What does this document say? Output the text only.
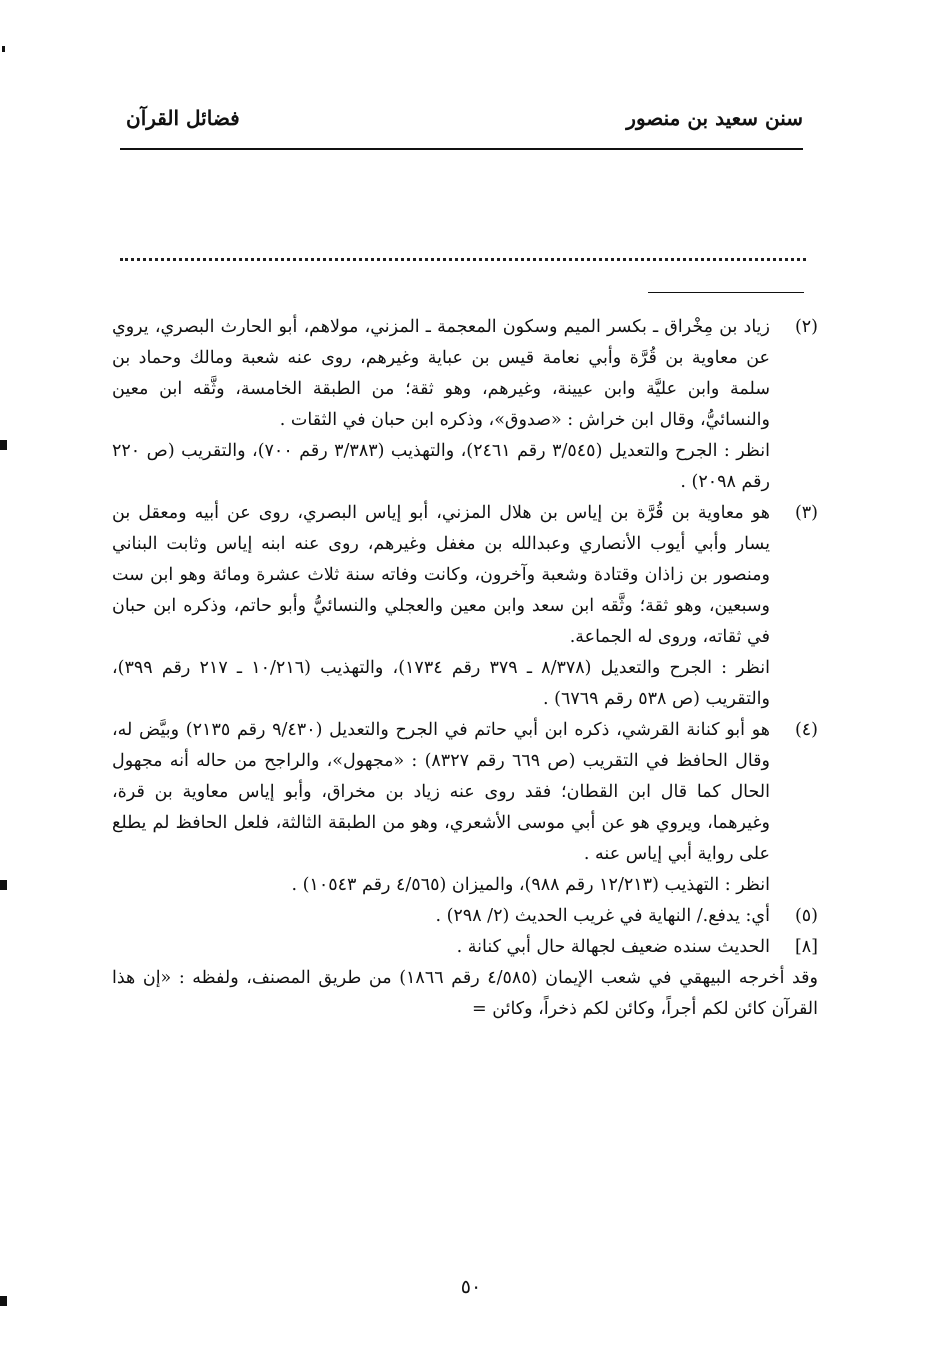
سنن سعيد بن منصور
فضائل القرآن
(٢)

زياد بن مِخْراق ـ بكسر الميم وسكون المعجمة ـ المزني، مولاهم، أبو الحارث البصري، يروي عن معاوية بن قُرَّة وأبي نعامة قيس بن عباية وغيرهم، روى عنه شعبة ومالك وحماد بن سلمة وابن عليَّة وابن عيينة، وغيرهم، وهو ثقة؛ من الطبقة الخامسة، وثَّقه ابن معين والنسائيُّ، وقال ابن خراش : «صدوق»، وذكره ابن حبان في الثقات .

انظر : الجرح والتعديل (٣/٥٤٥ رقم ٢٤٦١)، والتهذيب (٣/٣٨٣ رقم ٧٠٠)، والتقريب (ص ٢٢٠ رقم ٢٠٩٨) .

(٣)

هو معاوية بن قُرَّة بن إياس بن هلال المزني، أبو إياس البصري، روى عن أبيه ومعقل بن يسار وأبي أيوب الأنصاري وعبدالله بن مغفل وغيرهم، روى عنه ابنه إياس وثابت البناني ومنصور بن زاذان وقتادة وشعبة وآخرون، وكانت وفاته سنة ثلاث عشرة ومائة وهو ابن ست وسبعين، وهو ثقة؛ وثَّقه ابن سعد وابن معين والعجلي والنسائيُّ وأبو حاتم، وذكره ابن حبان في ثقاته، وروى له الجماعة.

انظر : الجرح والتعديل (٨/٣٧٨ ـ ٣٧٩ رقم ١٧٣٤)، والتهذيب (١٠/٢١٦ ـ ٢١٧ رقم ٣٩٩)، والتقريب (ص ٥٣٨ رقم ٦٧٦٩) .

(٤)

هو أبو كنانة القرشي، ذكره ابن أبي حاتم في الجرح والتعديل (٩/٤٣٠ رقم ٢١٣٥) وبيَّض له، وقال الحافظ في التقريب (ص ٦٦٩ رقم ٨٣٢٧) : «مجهول»، والراجح من حاله أنه مجهول الحال كما قال ابن القطان؛ فقد روى عنه زياد بن مخراق، وأبو إياس معاوية بن قرة، وغيرهما، ويروي هو عن أبي موسى الأشعري، وهو من الطبقة الثالثة، فلعل الحافظ لم يطلع على رواية أبي إياس عنه .

انظر : التهذيب (١٢/٢١٣ رقم ٩٨٨)، والميزان (٤/٥٦٥ رقم ١٠٥٤٣) .

(٥)

أي: يدفع./ النهاية في غريب الحديث (٢/ ٢٩٨) .

[٨]

الحديث سنده ضعيف لجهالة حال أبي كنانة .

وقد أخرجه البيهقي في شعب الإيمان (٤/٥٨٥ رقم ١٨٦٦) من طريق المصنف، ولفظه : «إن هذا القرآن كائن لكم أجراً، وكائن لكم ذخراً، وكائن =

٥٠
